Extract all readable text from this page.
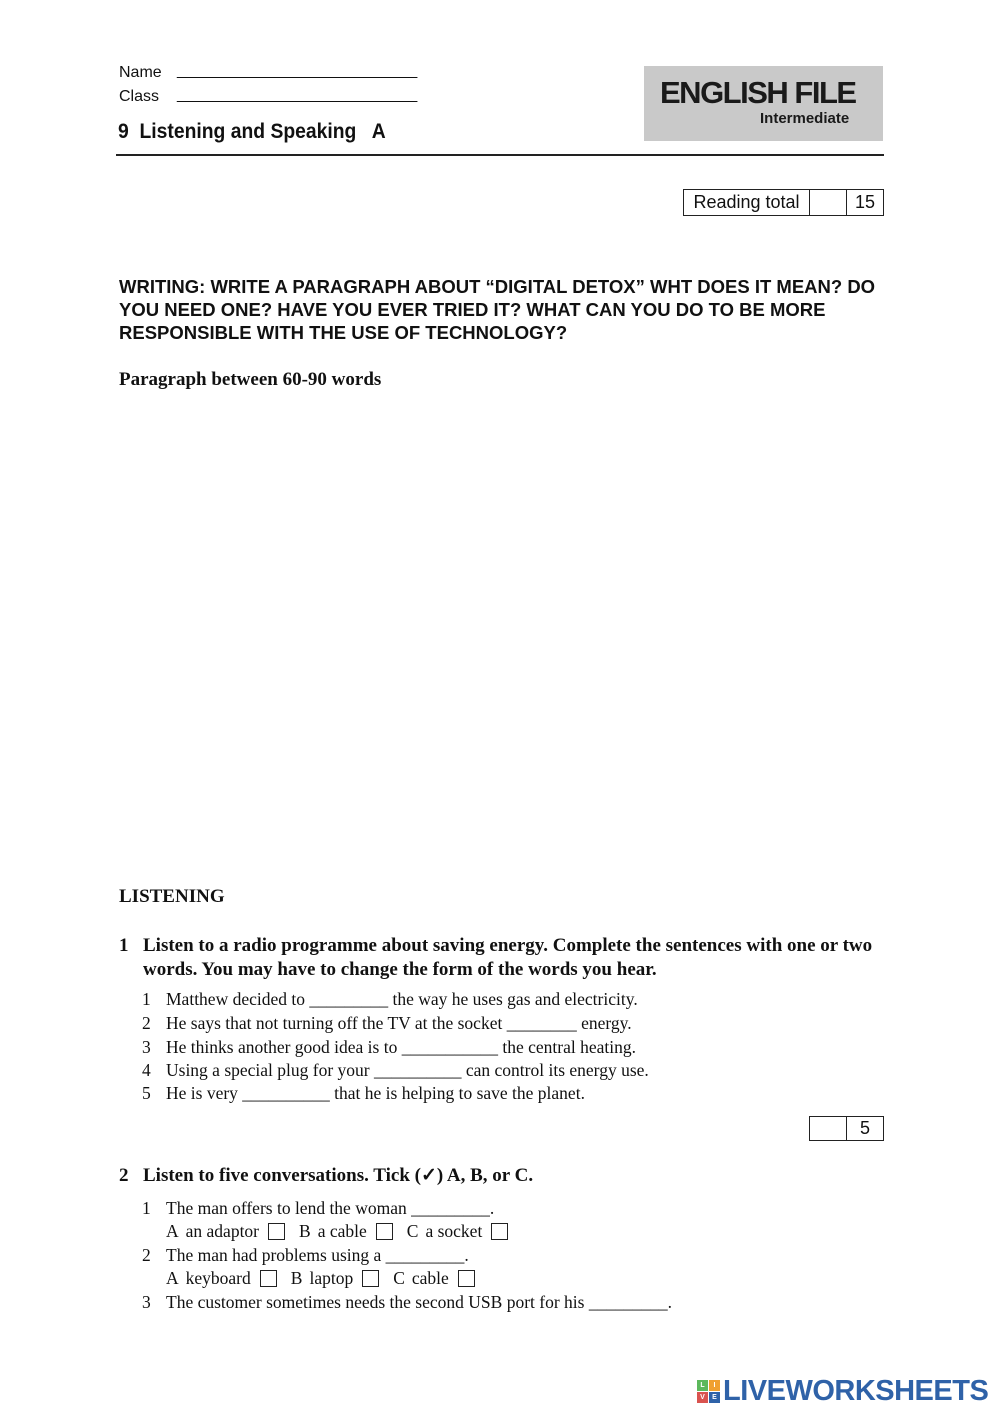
Name ___________________________
Class ___________________________
9 Listening and Speaking A
ENGLISH FILE
Intermediate
Reading total	15
WRITING: WRITE A PARAGRAPH ABOUT “DIGITAL DETOX” WHT DOES IT MEAN? DO YOU NEED ONE? HAVE YOU EVER TRIED IT? WHAT CAN YOU DO TO BE MORE RESPONSIBLE WITH THE USE OF TECHNOLOGY?
Paragraph between 60-90 words
LISTENING
1 Listen to a radio programme about saving energy. Complete the sentences with one or two words. You may have to change the form of the words you hear.
1 Matthew decided to _________ the way he uses gas and electricity.
2 He says that not turning off the TV at the socket ________ energy.
3 He thinks another good idea is to ___________ the central heating.
4 Using a special plug for your __________ can control its energy use.
5 He is very __________ that he is helping to save the planet.
5
2 Listen to five conversations. Tick (✓) A, B, or C.
1 The man offers to lend the woman _________.
A an adaptor B a cable C a socket
2 The man had problems using a _________.
A keyboard B laptop C cable
3 The customer sometimes needs the second USB port for his _________.
L	I
V	E LIVEWORKSHEETS
